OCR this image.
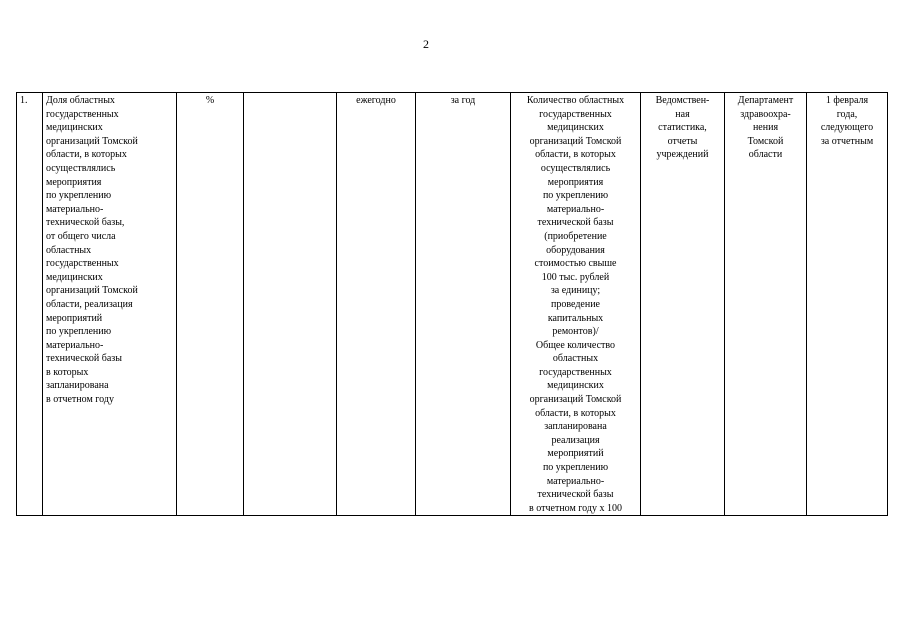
2
1.	Доля областных
государственных
медицинских
организаций Томской
области, в которых
осуществлялись
мероприятия
по укреплению
материально-
технической базы,
от общего числа
областных
государственных
медицинских
организаций Томской
области, реализация
мероприятий
по укреплению
материально-
технической базы
в которых
запланирована
в отчетном году	%		ежегодно	за год	Количество областных
государственных
медицинских
организаций Томской
области, в которых
осуществлялись
мероприятия
по укреплению
материально-
технической базы
(приобретение
оборудования
стоимостью свыше
100 тыс. рублей
за единицу;
проведение
капитальных
ремонтов)/
Общее количество
областных
государственных
медицинских
организаций Томской
области, в которых
запланирована
реализация
мероприятий
по укреплению
материально-
технической базы
в отчетном году х 100	Ведомствен-
ная
статистика,
отчеты
учреждений	Департамент
здравоохра-
нения
Томской
области	1 февраля
года,
следующего
за отчетным
